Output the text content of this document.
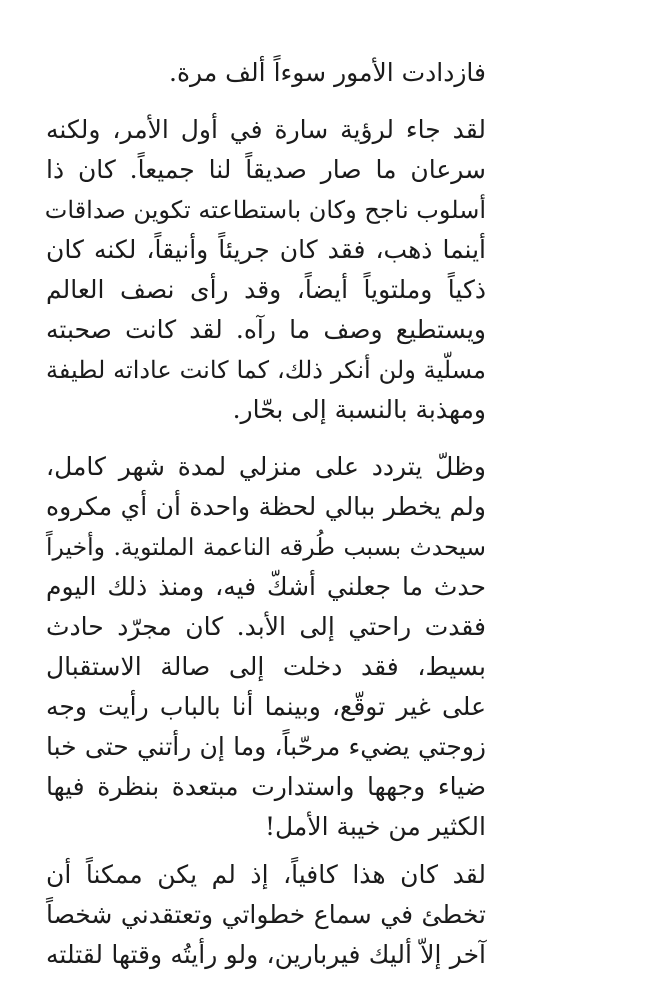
فازدادت الأمور سوءاً ألف مرة.
لقد جاء لرؤية سارة في أول الأمر، ولكنه
سرعان ما صار صديقاً لنا جميعاً. كان ذا
أسلوب ناجح وكان باستطاعته تكوين صداقات
أينما ذهب، فقد كان جريئاً وأنيقاً، لكنه كان
ذكياً وملتوياً أيضاً، وقد رأى نصف العالم
ويستطيع وصف ما رآه. لقد كانت صحبته
مسلّية ولن أنكر ذلك، كما كانت عاداته لطيفة
ومهذبة بالنسبة إلى بحّار.
وظلّ يتردد على منزلي لمدة شهر كامل،
ولم يخطر ببالي لحظة واحدة أن أي مكروه
سيحدث بسبب طُرقه الناعمة الملتوية. وأخيراً
حدث ما جعلني أشكّ فيه، ومنذ ذلك اليوم
فقدت راحتي إلى الأبد. كان مجرّد حادث
بسيط، فقد دخلت إلى صالة الاستقبال
على غير توقّع، وبينما أنا بالباب رأيت وجه
زوجتي يضيء مرحّباً، وما إن رأتني حتى خبا
ضياء وجهها واستدارت مبتعدة بنظرة فيها
الكثير من خيبة الأمل!
لقد كان هذا كافياً، إذ لم يكن ممكناً أن
تخطئ في سماع خطواتي وتعتقدني شخصاً
آخر إلاّ أليك فيربارين، ولو رأيتُه وقتها لقتلته
